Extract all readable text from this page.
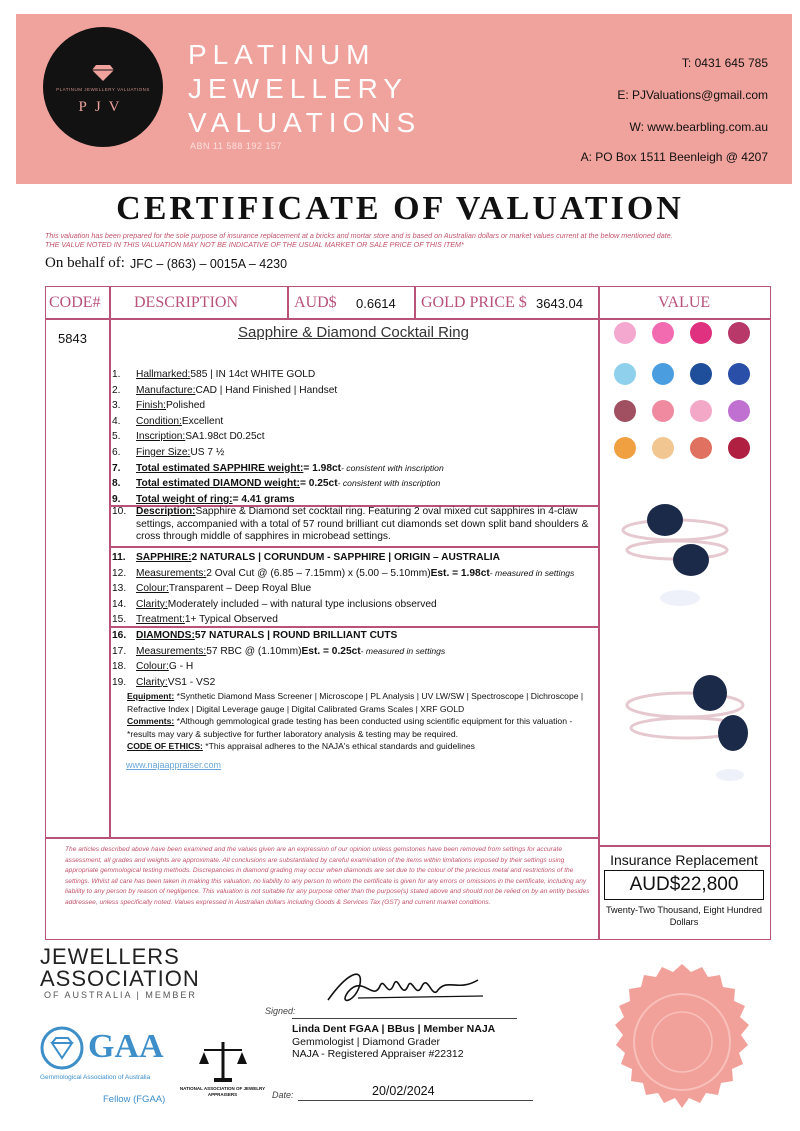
PLATINUM JEWELLERY VALUATIONS
PJV
PLATINUM
JEWELLERY
VALUATIONS
ABN 11 588 192 157
T: 0431 645 785
E: PJValuations@gmail.com
W: www.bearbling.com.au
A: PO Box 1511 Beenleigh @ 4207
CERTIFICATE OF VALUATION
This valuation has been prepared for the sole purpose of insurance replacement at a bricks and mortar store and is based on Australian dollars or market values current at the below mentioned date.
THE VALUE NOTED IN THIS VALUATION MAY NOT BE INDICATIVE OF THE USUAL MARKET OR SALE PRICE OF THIS ITEM*
On behalf of: JFC – (863) – 0015A – 4230
CODE# DESCRIPTION	AUD$ 0.6614 GOLD PRICE $ 3643.04	VALUE
5843	Sapphire & Diamond Cocktail Ring
1.	Hallmarked: 585 | IN 14ct WHITE GOLD
2.	Manufacture: CAD | Hand Finished | Handset
3.	Finish: Polished
4.	Condition: Excellent
5.	Inscription: SA1.98ct D0.25ct
6.	Finger Size: US 7 ½
7.	Total estimated SAPPHIRE weight: = 1.98ct - consistent with inscription
8.	Total estimated DIAMOND weight: = 0.25ct - consistent with inscription
9.	Total weight of ring: = 4.41 grams
10. Description: Sapphire & Diamond set cocktail ring. Featuring 2 oval mixed cut sapphires in 4-claw
settings, accompanied with a total of 57 round brilliant cut diamonds set down split band shoulders &
cross through middle of sapphires in microbead settings.
11.	SAPPHIRE: 2 NATURALS | CORUNDUM - SAPPHIRE | ORIGIN – AUSTRALIA
12. Measurements: 2 Oval Cut @ (6.85 – 7.15mm) x (5.00 – 5.10mm) Est. = 1.98ct - measured in settings
13. Colour: Transparent – Deep Royal Blue
14. Clarity: Moderately included – with natural type inclusions observed
15. Treatment: 1+ Typical Observed
16. DIAMONDS: 57 NATURALS | ROUND BRILLIANT CUTS
17. Measurements: 57 RBC @ (1.10mm) Est. = 0.25ct - measured in settings
18. Colour: G - H
19. Clarity: VS1 - VS2
Equipment: *Synthetic Diamond Mass Screener | Microscope | PL Analysis | UV LW/SW | Spectroscope | Dichroscope | Refractive Index | Digital Leverage gauge | Digital Calibrated Grams Scales | XRF GOLD
Comments: *Although gemmological grade testing has been conducted using scientific equipment for this valuation - *results may vary & subjective for further laboratory analysis & testing may be required.
CODE OF ETHICS: *This appraisal adheres to the NAJA's ethical standards and guidelines
www.najaappraiser.com
The articles described above have been examined and the values given are an expression of our opinion unless gemstones have been removed from settings for accurate assessment, all grades and weights are approximate. All conclusions are substantiated by careful examination of the items within limitations imposed by their settings using appropriate gemmological testing methods. Discrepancies in diamond grading may occur when diamonds are set due to the colour of the precious metal and restrictions of the settings. Whilst all care has been taken in making this valuation, no liability to any person to whom the certificate is given for any errors or omissions in the certificate, including any liability to any person by reason of negligence. This valuation is not suitable for any purpose other than the purpose(s) stated above and should not be relied on by an entity besides addressee, unless specifically noted. Values expressed in Australian dollars including Goods & Services Tax (GST) and current market conditions.
Insurance Replacement
AUD$22,800
Twenty-Two Thousand, Eight Hundred Dollars
JEWELLERS
ASSOCIATION
OF AUSTRALIA | MEMBER
GAA
Gemmological Association of Australia
Fellow (FGAA)
NATIONAL ASSOCIATION OF JEWELRY APPRAISERS
Signed:
Linda Dent FGAA | BBus | Member NAJA
Gemmologist | Diamond Grader
NAJA - Registered Appraiser #22312
Date:	20/02/2024
